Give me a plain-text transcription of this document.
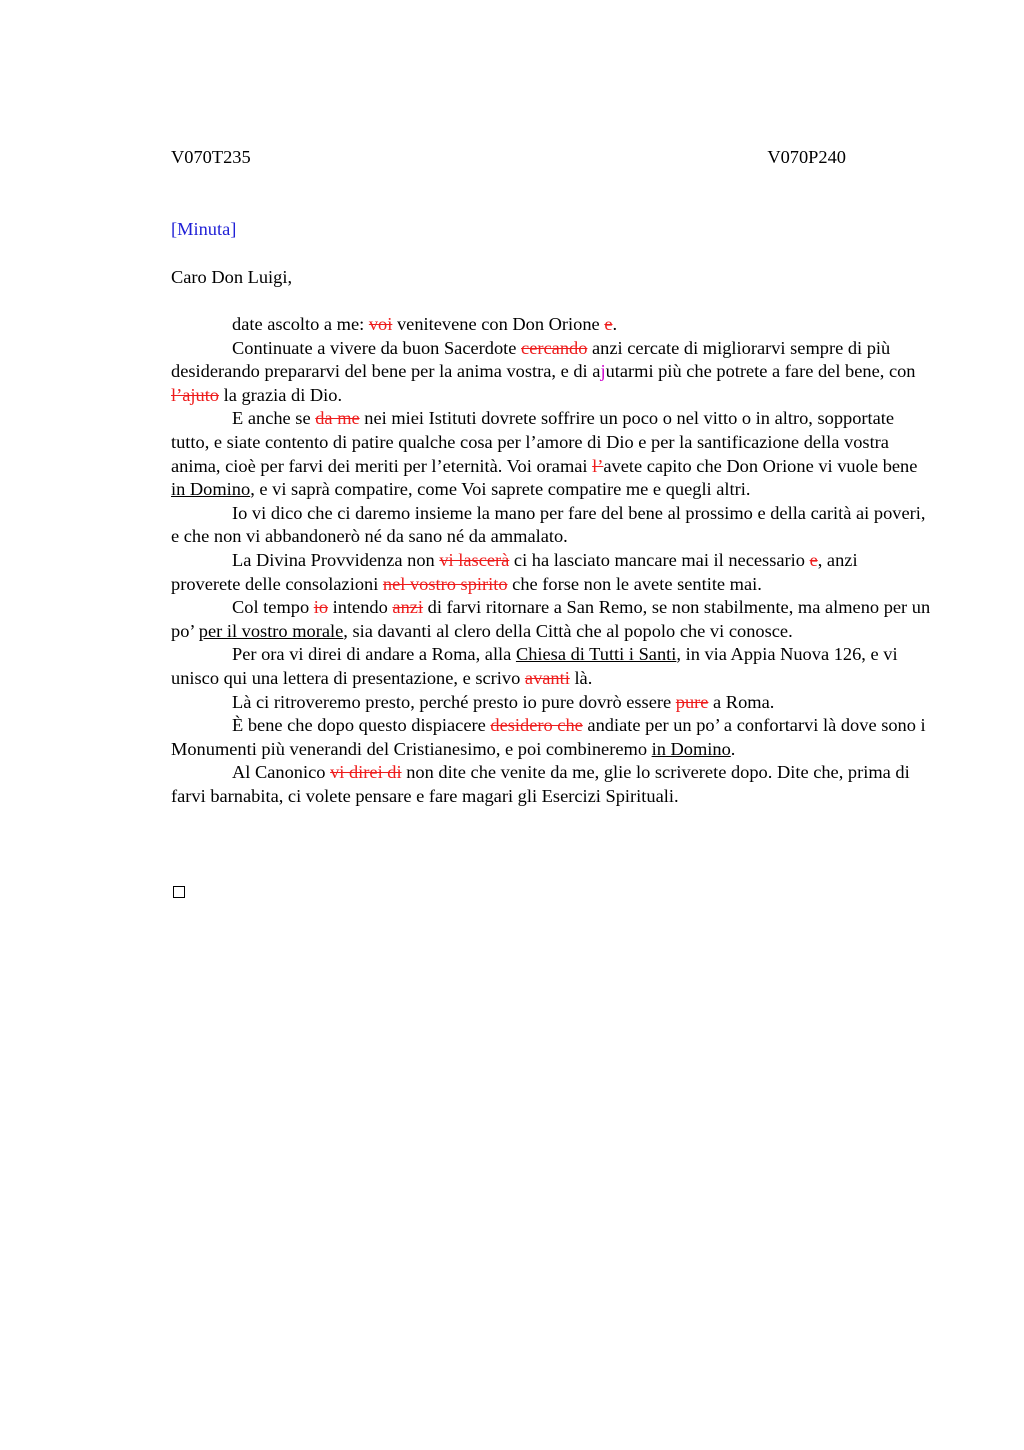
V070T235	V070P240
[Minuta]
Caro Don Luigi,

date ascolto a me: voi venitevene con Don Orione e.

Continuate a vivere da buon Sacerdote cercando anzi cercate di migliorarvi sempre di più desiderando prepararvi del bene per la anima vostra, e di ajutarmi più che potrete a fare del bene, con l’ajuto la grazia di Dio.

E anche se da me nei miei Istituti dovrete soffrire un poco o nel vitto o in altro, sopportate tutto, e siate contento di patire qualche cosa per l’amore di Dio e per la santificazione della vostra anima, cioè per farvi dei meriti per l’eternità. Voi oramai l’avete capito che Don Orione vi vuole bene in Domino, e vi saprà compatire, come Voi saprete compatire me e quegli altri.

Io vi dico che ci daremo insieme la mano per fare del bene al prossimo e della carità ai poveri, e che non vi abbandonerò né da sano né da ammalato.

La Divina Provvidenza non vi lascerà ci ha lasciato mancare mai il necessario e, anzi proverete delle consolazioni nel vostro spirito che forse non le avete sentite mai.

Col tempo io intendo anzi di farvi ritornare a San Remo, se non stabilmente, ma almeno per un po’ per il vostro morale, sia davanti al clero della Città che al popolo che vi conosce.

Per ora vi direi di andare a Roma, alla Chiesa di Tutti i Santi, in via Appia Nuova 126, e vi unisco qui una lettera di presentazione, e scrivo avanti là.

Là ci ritroveremo presto, perché presto io pure dovrò essere pure a Roma.

È bene che dopo questo dispiacere desidero che andiate per un po’ a confortarvi là dove sono i Monumenti più venerandi del Cristianesimo, e poi combineremo in Domino.

Al Canonico vi direi di non dite che venite da me, glie lo scriverete dopo. Dite che, prima di farvi barnabita, ci volete pensare e fare magari gli Esercizi Spirituali.
